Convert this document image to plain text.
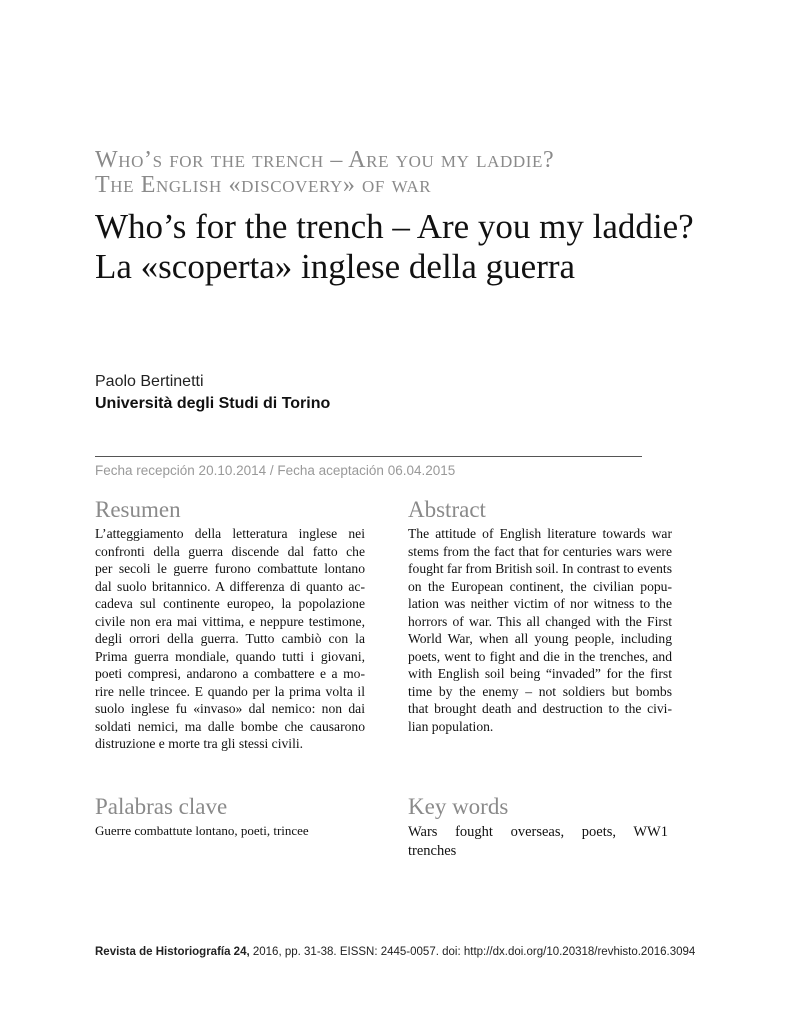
Who’s for the trench – Are you my laddie?
The English «discovery» of war
Who’s for the trench – Are you my laddie?
La «scoperta» inglese della guerra
Paolo Bertinetti
Università degli Studi di Torino
Fecha recepción 20.10.2014 / Fecha aceptación 06.04.2015
Resumen
L’atteggiamento della letteratura inglese nei
confronti della guerra discende dal fatto che
per secoli le guerre furono combattute lontano
dal suolo britannico. A differenza di quanto ac-
cadeva sul continente europeo, la popolazione
civile non era mai vittima, e neppure testimone,
degli orrori della guerra. Tutto cambiò con la
Prima guerra mondiale, quando tutti i giovani,
poeti compresi, andarono a combattere e a mo-
rire nelle trincee. E quando per la prima volta il
suolo inglese fu «invaso» dal nemico: non dai
soldati nemici, ma dalle bombe che causarono
distruzione e morte tra gli stessi civili.
Abstract
The attitude of English literature towards war
stems from the fact that for centuries wars were
fought far from British soil. In contrast to events
on the European continent, the civilian popu-
lation was neither victim of nor witness to the
horrors of war. This all changed with the First
World War, when all young people, including
poets, went to fight and die in the trenches, and
with English soil being “invaded” for the first
time by the enemy – not soldiers but bombs
that brought death and destruction to the civi-
lian population.
Palabras clave
Guerre combattute lontano, poeti, trincee
Key words
Wars fought overseas, poets, WW1
trenches
Revista de Historiografía 24, 2016, pp. 31-38. EISSN: 2445-0057. doi: http://dx.doi.org/10.20318/revhisto.2016.3094
